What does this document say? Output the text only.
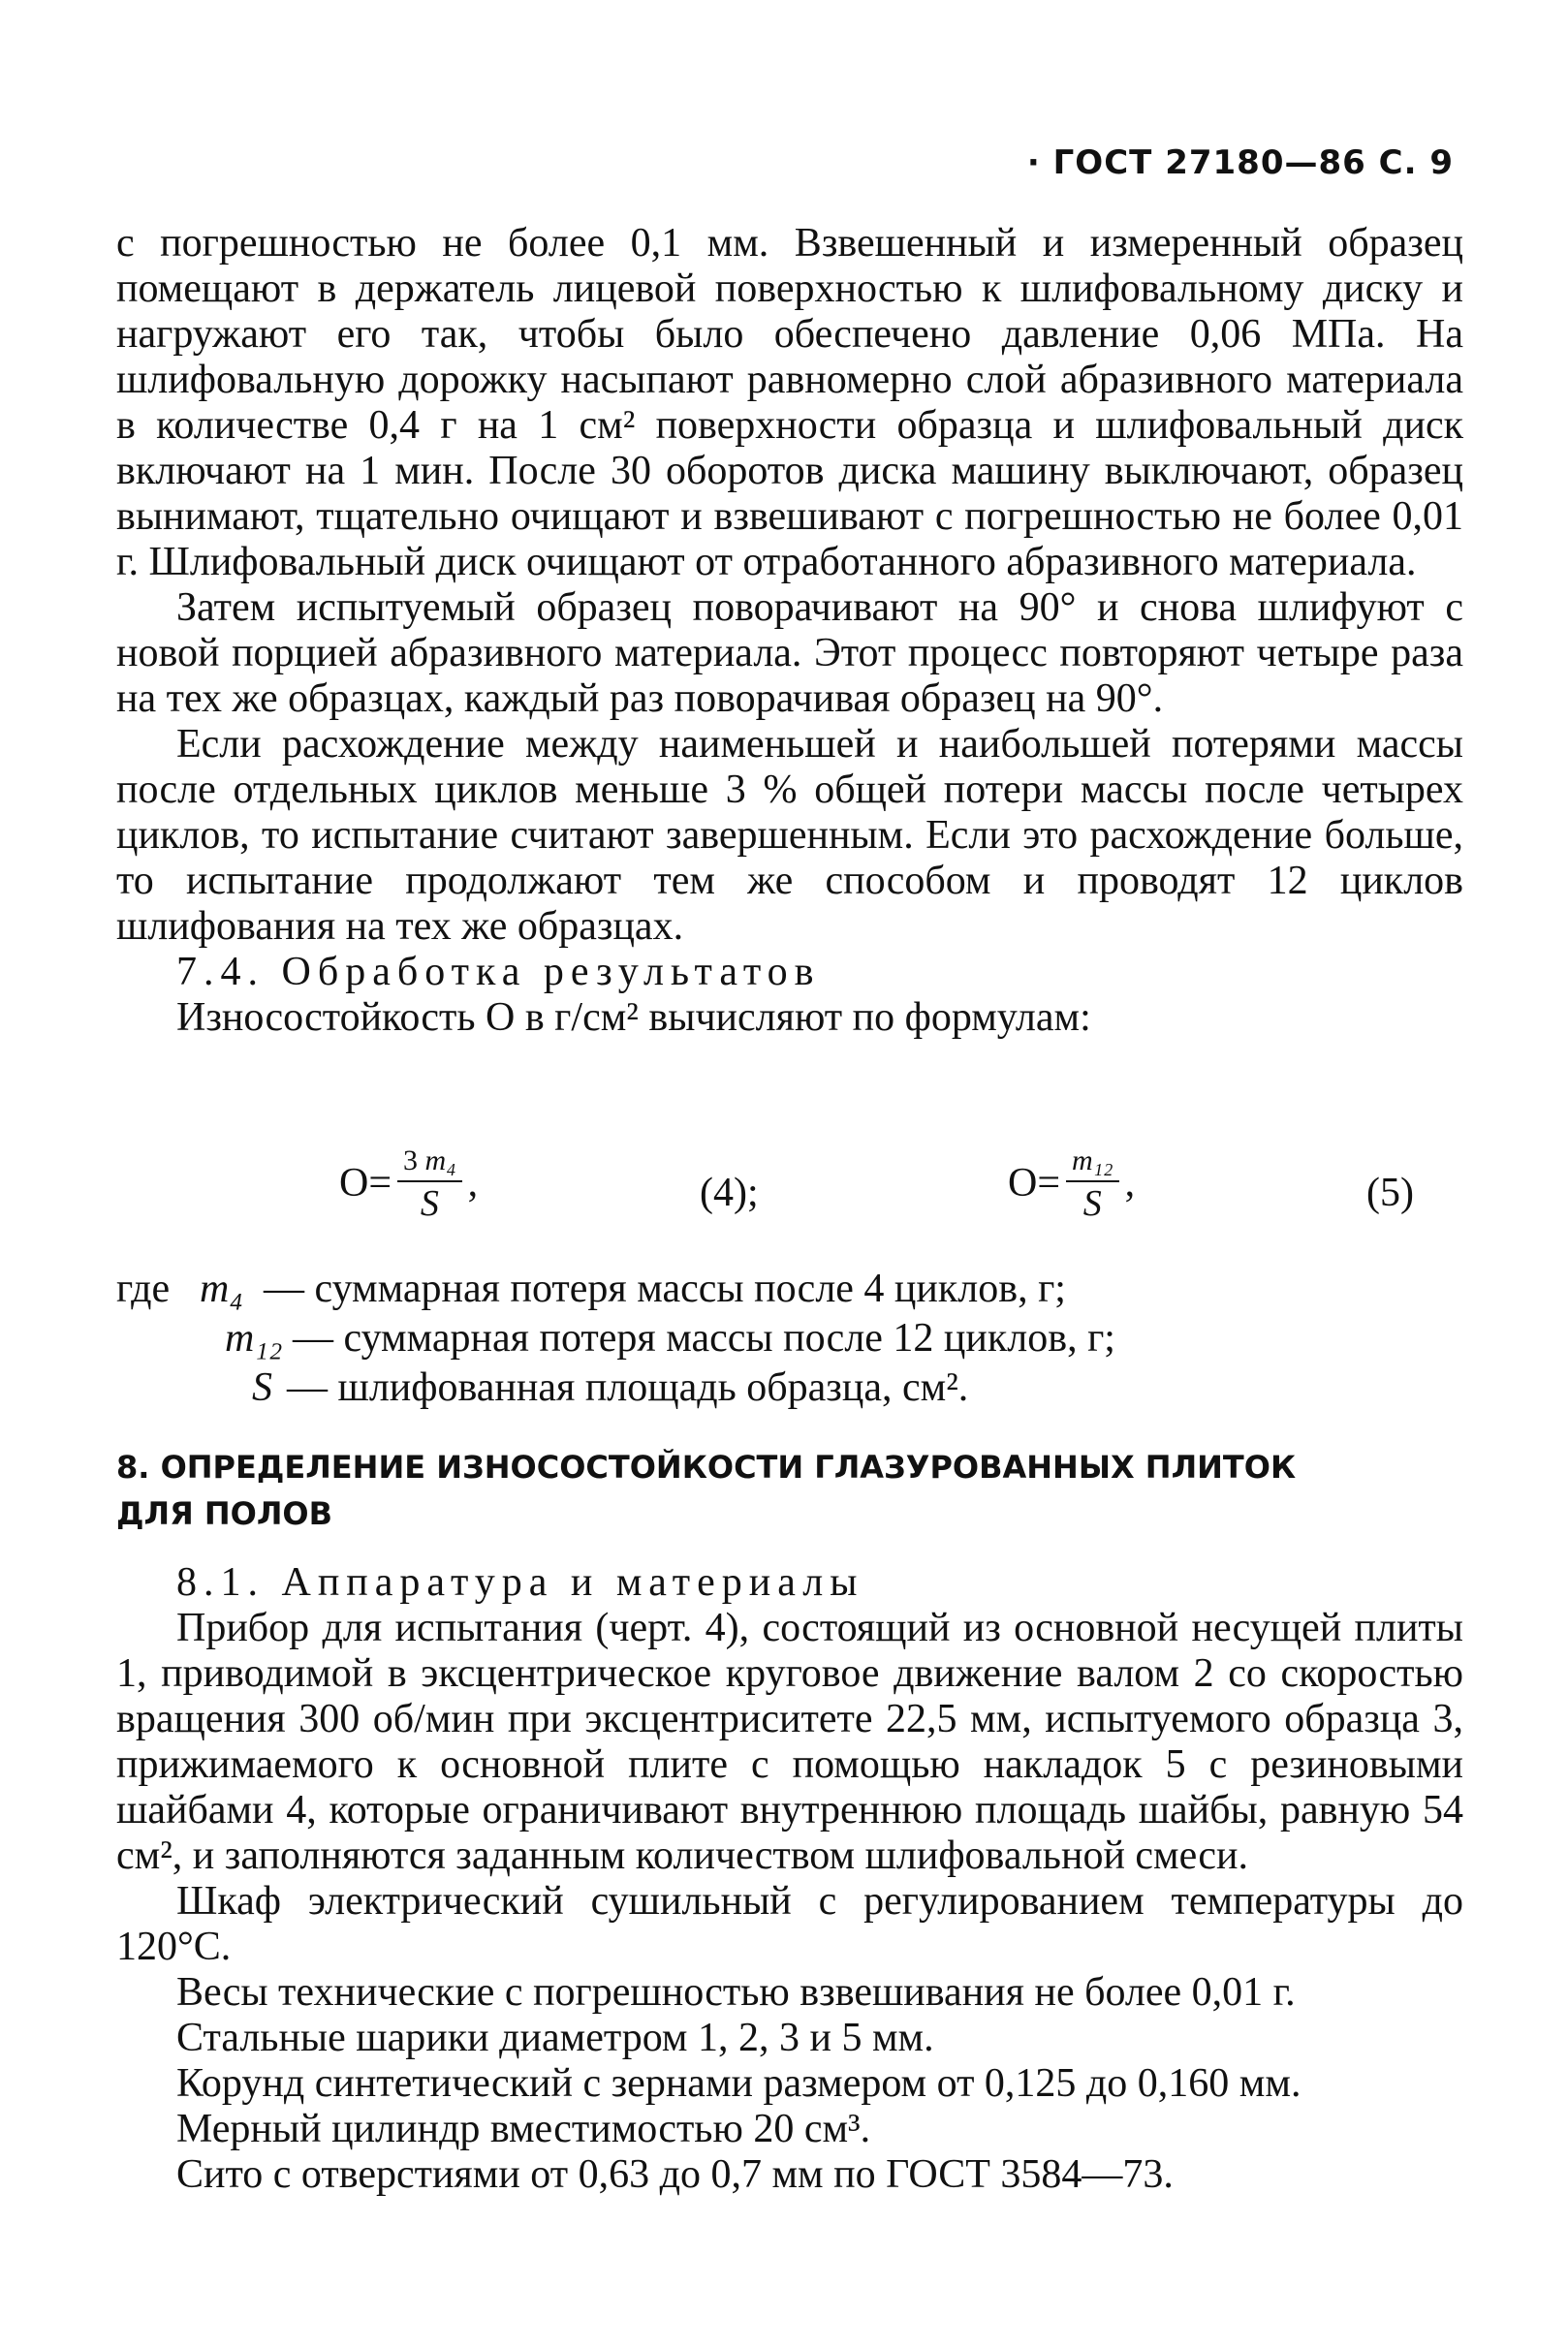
· ГОСТ 27180—86 С. 9

с погрешностью не более 0,1 мм. Взвешенный и измеренный образец помещают в держатель лицевой поверхностью к шлифовальному диску и нагружают его так, чтобы было обеспечено давление 0,06 МПа. На шлифовальную дорожку насыпают равномерно слой абразивного материала в количестве 0,4 г на 1 см² поверхности образца и шлифовальный диск включают на 1 мин. После 30 оборотов диска машину выключают, образец вынимают, тщательно очищают и взвешивают с погрешностью не более 0,01 г. Шлифовальный диск очищают от отработанного абразивного материала.

Затем испытуемый образец поворачивают на 90° и снова шлифуют с новой порцией абразивного материала. Этот процесс повторяют четыре раза на тех же образцах, каждый раз поворачивая образец на 90°.

Если расхождение между наименьшей и наибольшей потерями массы после отдельных циклов меньше 3 % общей потери массы после четырех циклов, то испытание считают завершенным. Если это расхождение больше, то испытание продолжают тем же способом и проводят 12 циклов шлифования на тех же образцах.

7.4. Обработка результатов

Износостойкость О в г/см² вычисляют по формулам:

$О= \frac{\text{3 m₄}}{S}$ ,	(4);	$О= \frac{\text{m₁₂}}{S}$ ,	(5)
где m₄ — суммарная потеря массы после 4 циклов, г;
m₁₂ — суммарная потеря массы после 12 циклов, г;
S — шлифованная площадь образца, см².

8. ОПРЕДЕЛЕНИЕ ИЗНОСОСТОЙКОСТИ ГЛАЗУРОВАННЫХ ПЛИТОК

ДЛЯ ПОЛОВ

8.1. Аппаратура и материалы

Прибор для испытания (черт. 4), состоящий из основной несущей плиты 1, приводимой в эксцентрическое круговое движение валом 2 со скоростью вращения 300 об/мин при эксцентриситете 22,5 мм, испытуемого образца 3, прижимаемого к основной плите с помощью накладок 5 с резиновыми шайбами 4, которые ограничивают внутреннюю площадь шайбы, равную 54 см², и заполняются заданным количеством шлифовальной смеси.

Шкаф электрический сушильный с регулированием температуры до 120°С.

Весы технические с погрешностью взвешивания не более 0,01 г.

Стальные шарики диаметром 1, 2, 3 и 5 мм.

Корунд синтетический с зернами размером от 0,125 до 0,160 мм.

Мерный цилиндр вместимостью 20 см³.

Сито с отверстиями от 0,63 до 0,7 мм по ГОСТ 3584—73.
